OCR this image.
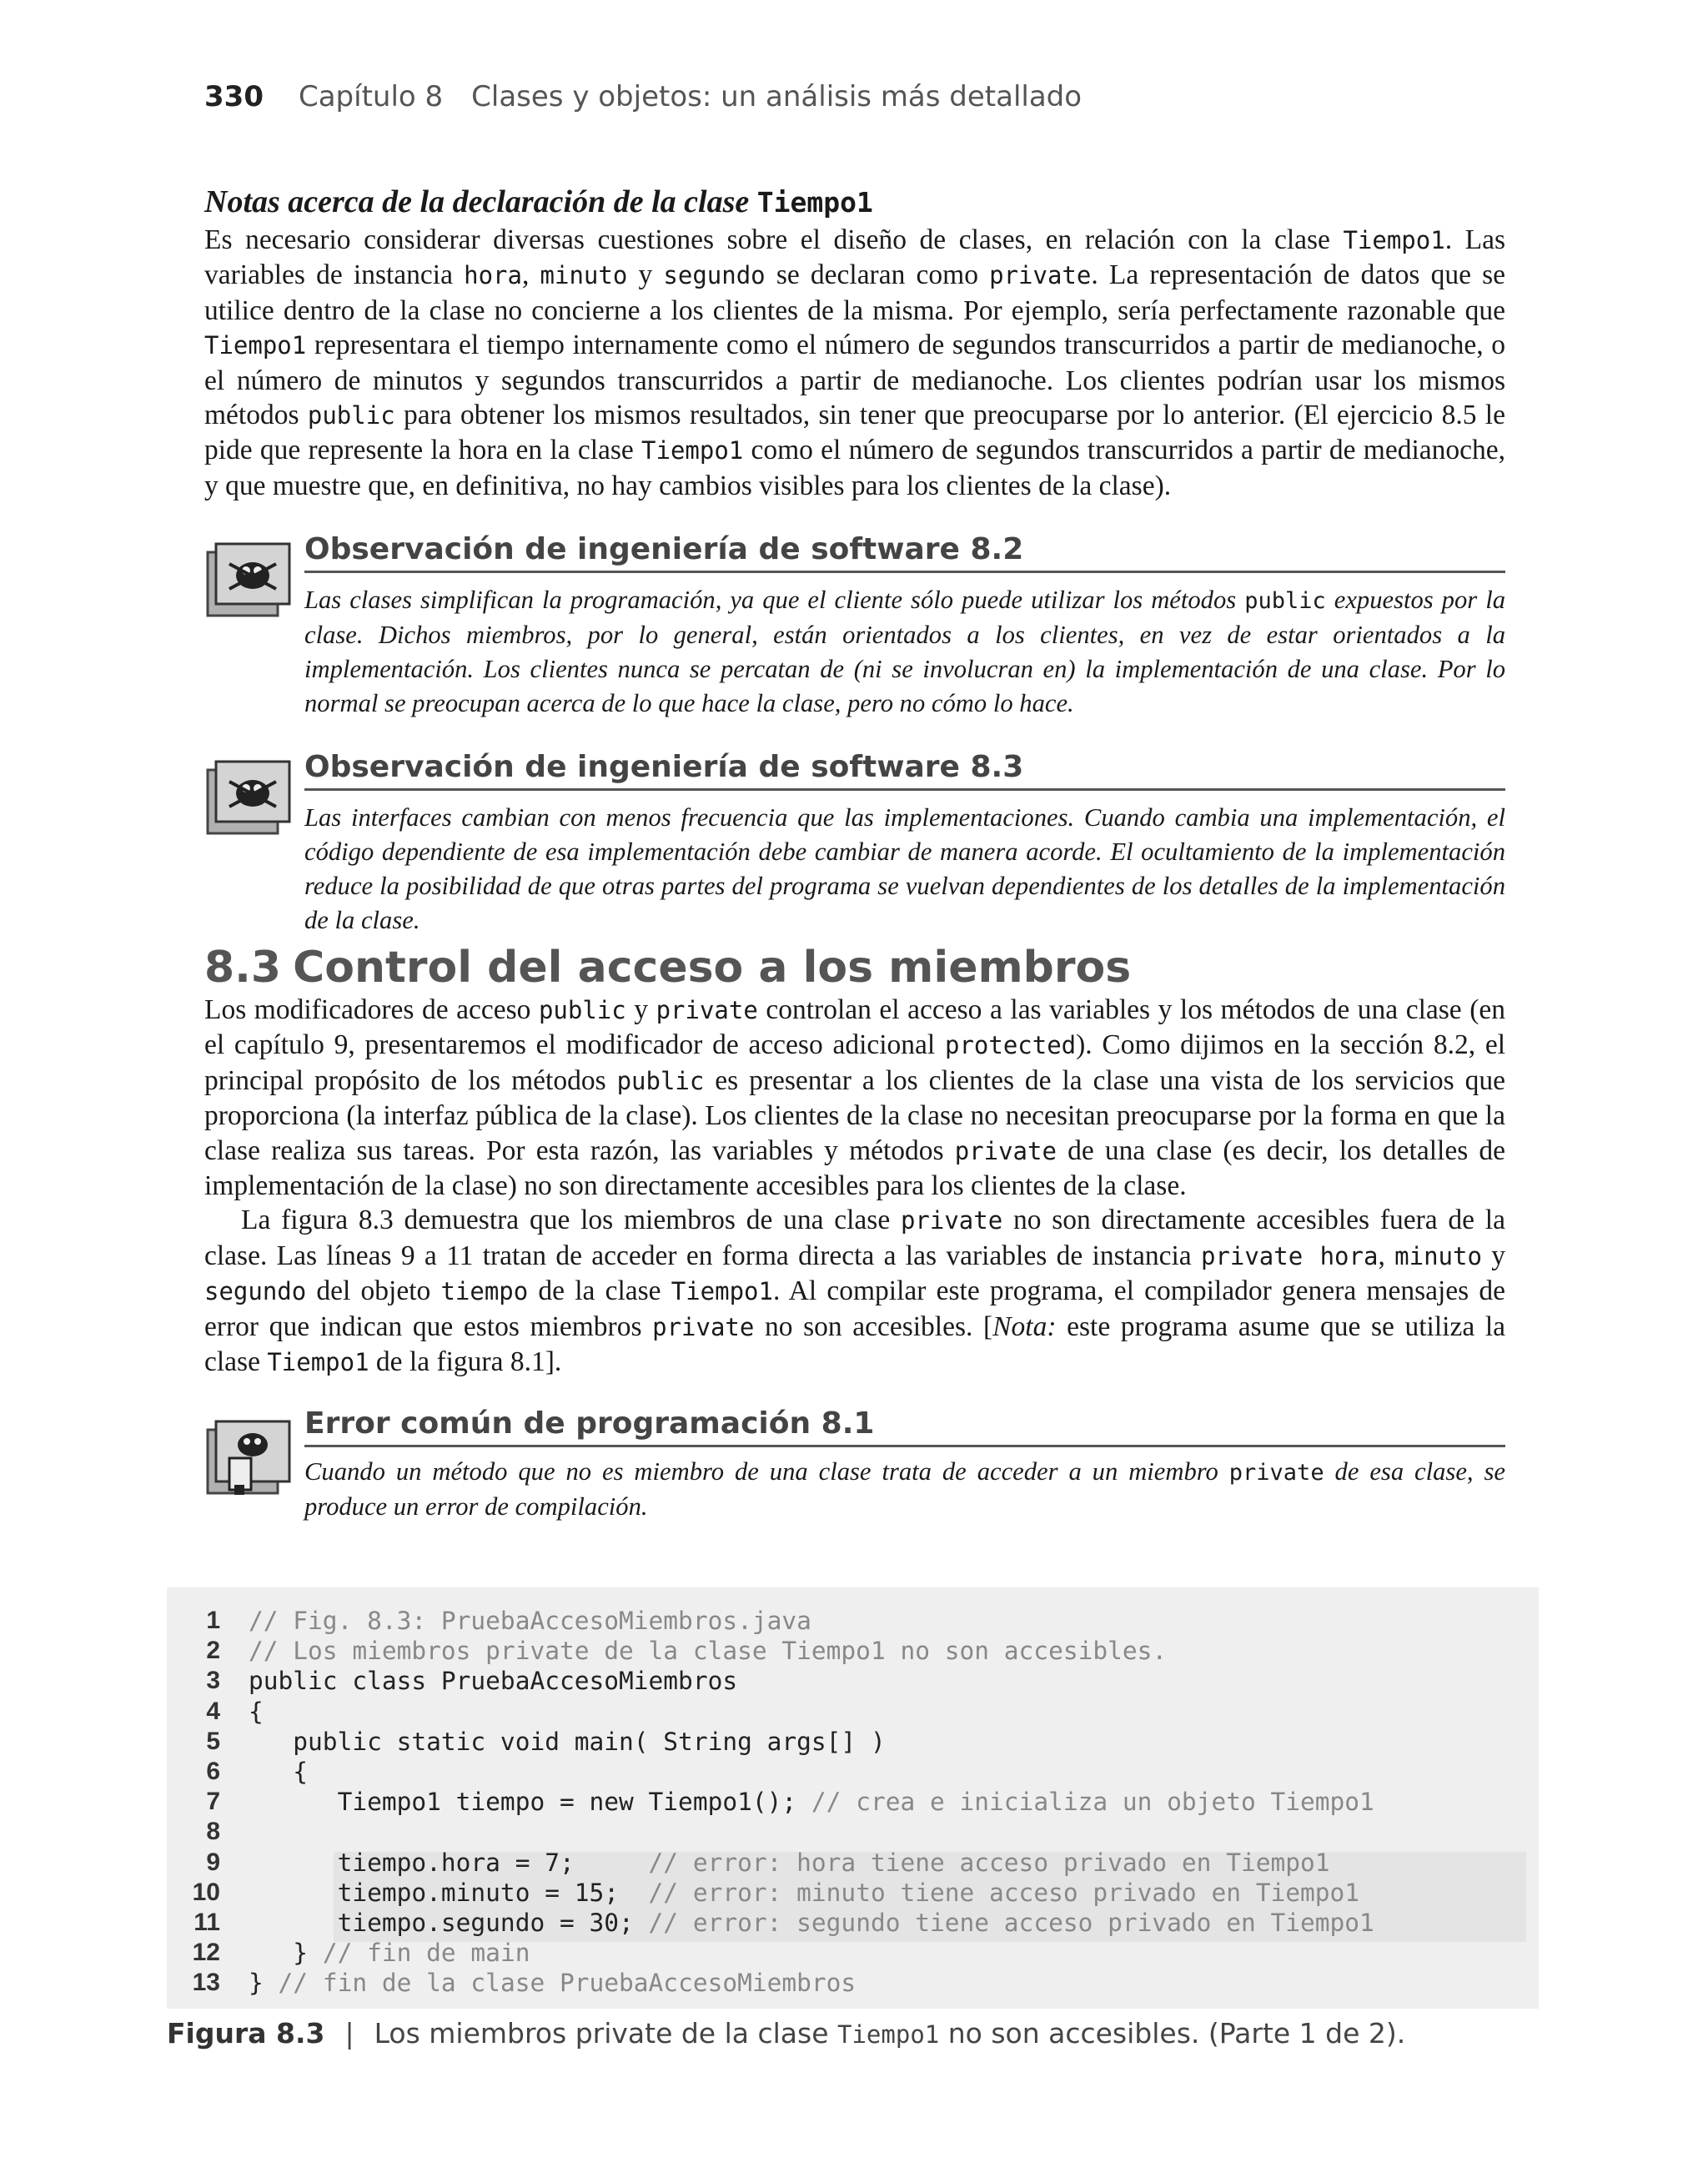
330 Capítulo 8 Clases y objetos: un análisis más detallado
Notas acerca de la declaración de la clase Tiempo1

Es necesario considerar diversas cuestiones sobre el diseño de clases, en relación con la clase Tiempo1. Las variables de instancia hora, minuto y segundo se declaran como private. La representación de datos que se utilice dentro de la clase no concierne a los clientes de la misma. Por ejemplo, sería perfectamente razonable que Tiempo1 representara el tiempo internamente como el número de segundos transcurridos a partir de medianoche, o el número de minutos y segundos transcurridos a partir de medianoche. Los clientes podrían usar los mismos métodos public para obtener los mismos resultados, sin tener que preocuparse por lo anterior. (El ejercicio 8.5 le pide que represente la hora en la clase Tiempo1 como el número de segundos transcurridos a partir de medianoche, y que muestre que, en definitiva, no hay cambios visibles para los clientes de la clase).

Observación de ingeniería de software 8.2
Las clases simplifican la programación, ya que el cliente sólo puede utilizar los métodos public expuestos por la clase. Dichos miembros, por lo general, están orientados a los clientes, en vez de estar orientados a la implementación. Los clientes nunca se percatan de (ni se involucran en) la implementación de una clase. Por lo normal se preocupan acerca de lo que hace la clase, pero no cómo lo hace.
Observación de ingeniería de software 8.3
Las interfaces cambian con menos frecuencia que las implementaciones. Cuando cambia una implementación, el código dependiente de esa implementación debe cambiar de manera acorde. El ocultamiento de la implementación reduce la posibilidad de que otras partes del programa se vuelvan dependientes de los detalles de la implementación de la clase.
8.3 Control del acceso a los miembros

Los modificadores de acceso public y private controlan el acceso a las variables y los métodos de una clase (en el capítulo 9, presentaremos el modificador de acceso adicional protected). Como dijimos en la sección 8.2, el principal propósito de los métodos public es presentar a los clientes de la clase una vista de los servicios que proporciona (la interfaz pública de la clase). Los clientes de la clase no necesitan preocuparse por la forma en que la clase realiza sus tareas. Por esta razón, las variables y métodos private de una clase (es decir, los detalles de implementación de la clase) no son directamente accesibles para los clientes de la clase.

La figura 8.3 demuestra que los miembros de una clase private no son directamente accesibles fuera de la clase. Las líneas 9 a 11 tratan de acceder en forma directa a las variables de instancia private hora, minuto y segundo del objeto tiempo de la clase Tiempo1. Al compilar este programa, el compilador genera mensajes de error que indican que estos miembros private no son accesibles. [Nota: este programa asume que se utiliza la clase Tiempo1 de la figura 8.1].

Error común de programación 8.1
Cuando un método que no es miembro de una clase trata de acceder a un miembro private de esa clase, se produce un error de compilación.
1 // Fig. 8.3: PruebaAccesoMiembros.java
2 // Los miembros private de la clase Tiempo1 no son accesibles.
3 public class PruebaAccesoMiembros
4 {
5 public static void main( String args[] )
6 {
7 Tiempo1 tiempo = new Tiempo1(); // crea e inicializa un objeto Tiempo1
8
9 tiempo.hora = 7;     // error: hora tiene acceso privado en Tiempo1
10 tiempo.minuto = 15;  // error: minuto tiene acceso privado en Tiempo1
11 tiempo.segundo = 30; // error: segundo tiene acceso privado en Tiempo1
12 } // fin de main
13 } // fin de la clase PruebaAccesoMiembros
Figura 8.3 | Los miembros private de la clase Tiempo1 no son accesibles. (Parte 1 de 2).
